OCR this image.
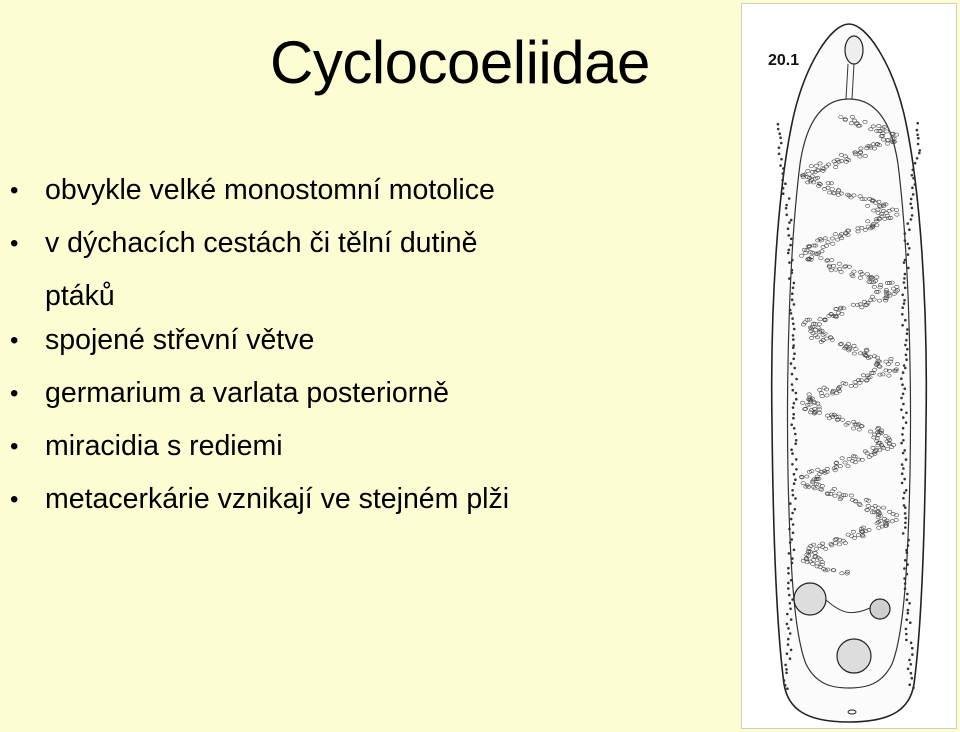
Cyclocoeliidae
• obvykle velké monostomní motolice
• v dýchacích cestách či tělní dutině
ptáků
• spojené střevní větve
• germarium a varlata posteriorně
• miracidia s rediemi
• metacerkárie vznikají ve stejném plži
20.1
